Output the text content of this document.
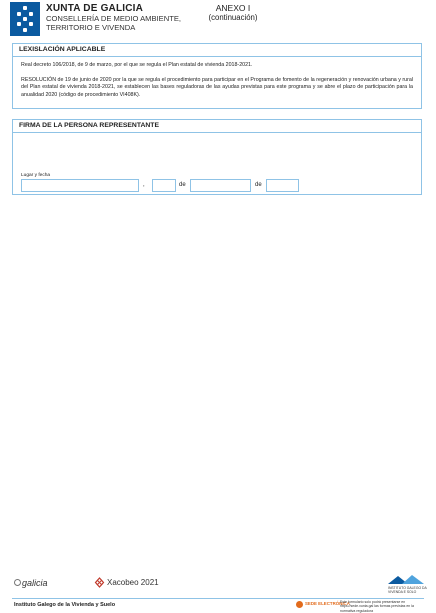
XUNTA DE GALICIA
CONSELLERÍA DE MEDIO AMBIENTE,
TERRITORIO E VIVENDA
ANEXO I
(continuación)
LEXISLACIÓN APLICABLE

Real decreto 106/2018, de 9 de marzo, por el que se regula el Plan estatal de vivienda 2018-2021.

RESOLUCIÓN de 19 de junio de 2020 por la que se regula el procedimiento para participar en el Programa de fomento de la regeneración y renovación urbana y rural del Plan estatal de vivienda 2018-2021, se establecen las bases reguladoras de las ayudas previstas para este programa y se abre el plazo de participación para la anualidad 2020 (código de procedimiento VI408K).

FIRMA DE LA PERSONA REPRESENTANTE
Lugar y fecha
,	de	de
galicia	Xacobeo 2021
INSTITUTO GALEGO DA VIVENDA E SOLO
Instituto Galego de la Vivienda y Suelo	SEDE ELECTRÓNICA
Este formulario solo podrá presentarse en https://sede.xunta.gal las formas previstas en la normativa reguladora
